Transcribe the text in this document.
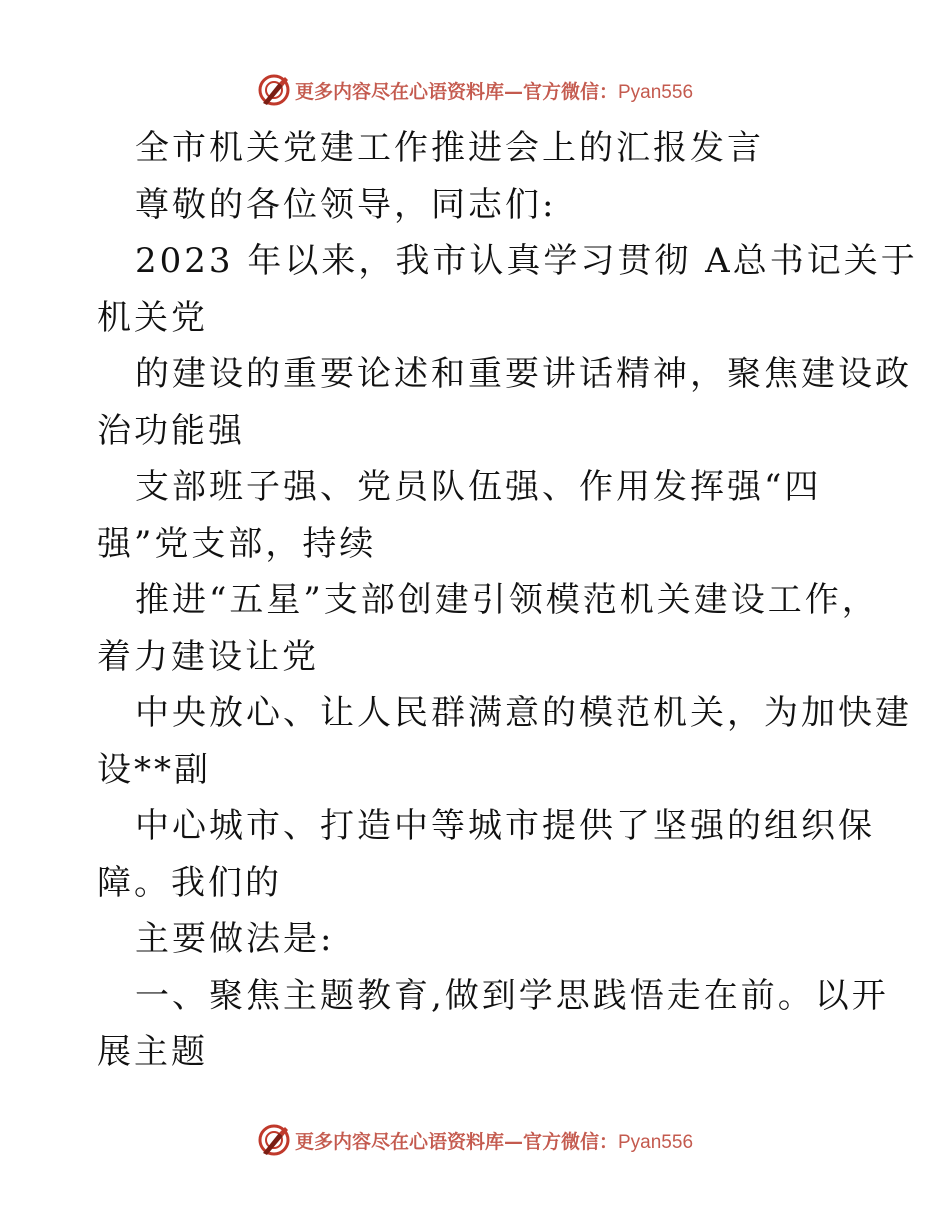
更多内容尽在心语资料库—官方微信：Pyan556
全市机关党建工作推进会上的汇报发言
尊敬的各位领导，同志们:
2023 年以来，我市认真学习贯彻 A总书记关于
机关党
的建设的重要论述和重要讲话精神，聚焦建设政
治功能强
支部班子强、党员队伍强、作用发挥强“四
强”党支部，持续
推进“五星”支部创建引领模范机关建设工作，
着力建设让党
中央放心、让人民群满意的模范机关，为加快建
设**副
中心城市、打造中等城市提供了坚强的组织保
障。我们的
主要做法是:
一、聚焦主题教育,做到学思践悟走在前。以开
展主题
更多内容尽在心语资料库—官方微信：Pyan556
